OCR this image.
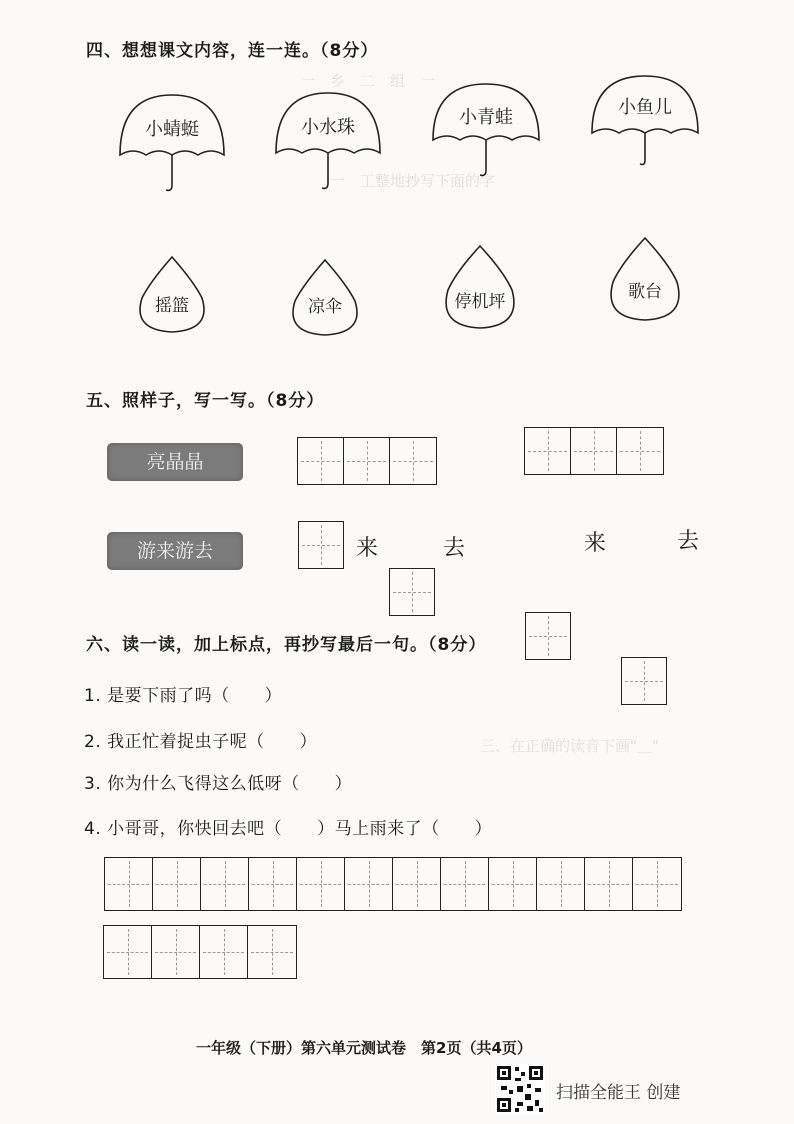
一　乡　二　组　一
一　工整地抄写下面的字
三、在正确的读音下画"＿"
四、想想课文内容，连一连。（8分）
小蜻蜓	小水珠	小青蛙	小鱼儿
摇篮	凉伞	停机坪	歌台
五、照样子，写一写。（8分）
亮晶晶
游来游去	来	去	来	去
六、读一读，加上标点，再抄写最后一句。（8分）
1. 是要下雨了吗（　　）
2. 我正忙着捉虫子呢（　　）
3. 你为什么飞得这么低呀（　　）
4. 小哥哥，你快回去吧（　　）马上雨来了（　　）
一年级（下册）第六单元测试卷　第2页（共4页）
扫描全能王 创建
